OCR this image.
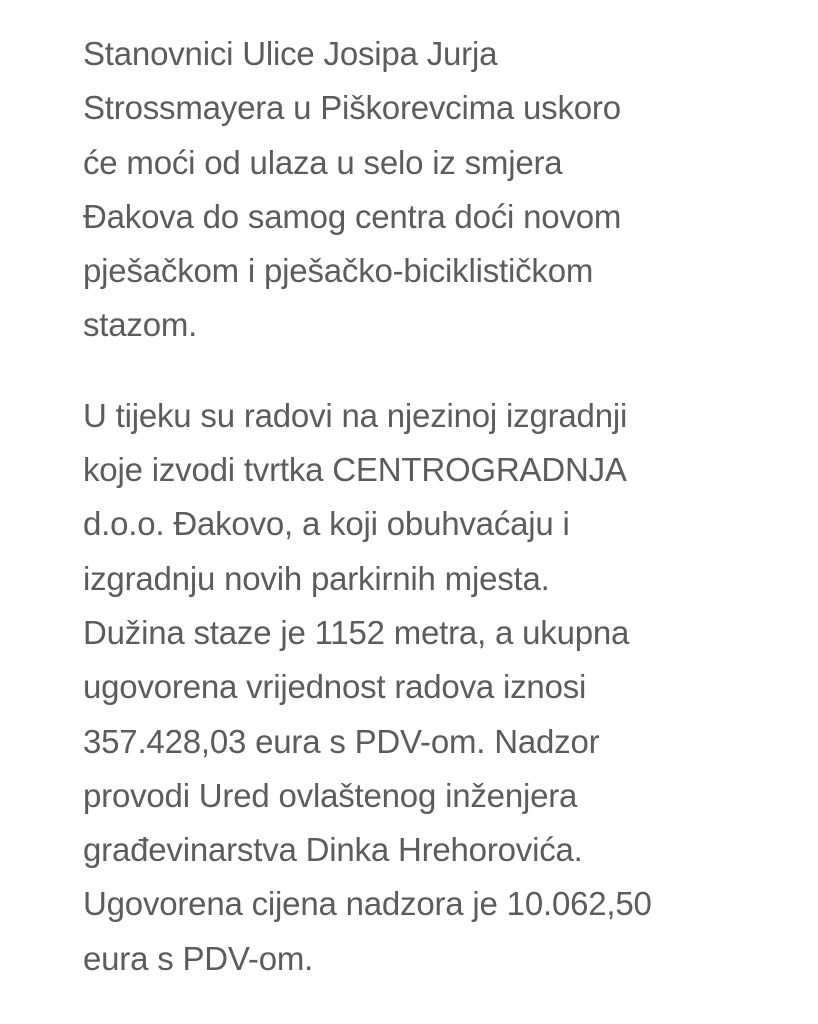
Stanovnici Ulice Josipa Jurja
Strossmayera u Piškorevcima uskoro
će moći od ulaza u selo iz smjera
Đakova do samog centra doći novom
pješačkom i pješačko-biciklističkom
stazom.

U tijeku su radovi na njezinoj izgradnji
koje izvodi tvrtka CENTROGRADNJA
d.o.o. Đakovo, a koji obuhvaćaju i
izgradnju novih parkirnih mjesta.
Dužina staze je 1152 metra, a ukupna
ugovorena vrijednost radova iznosi
357.428,03 eura s PDV-om. Nadzor
provodi Ured ovlaštenog inženjera
građevinarstva Dinka Hrehorovića.
Ugovorena cijena nadzora je 10.062,50
eura s PDV-om.
